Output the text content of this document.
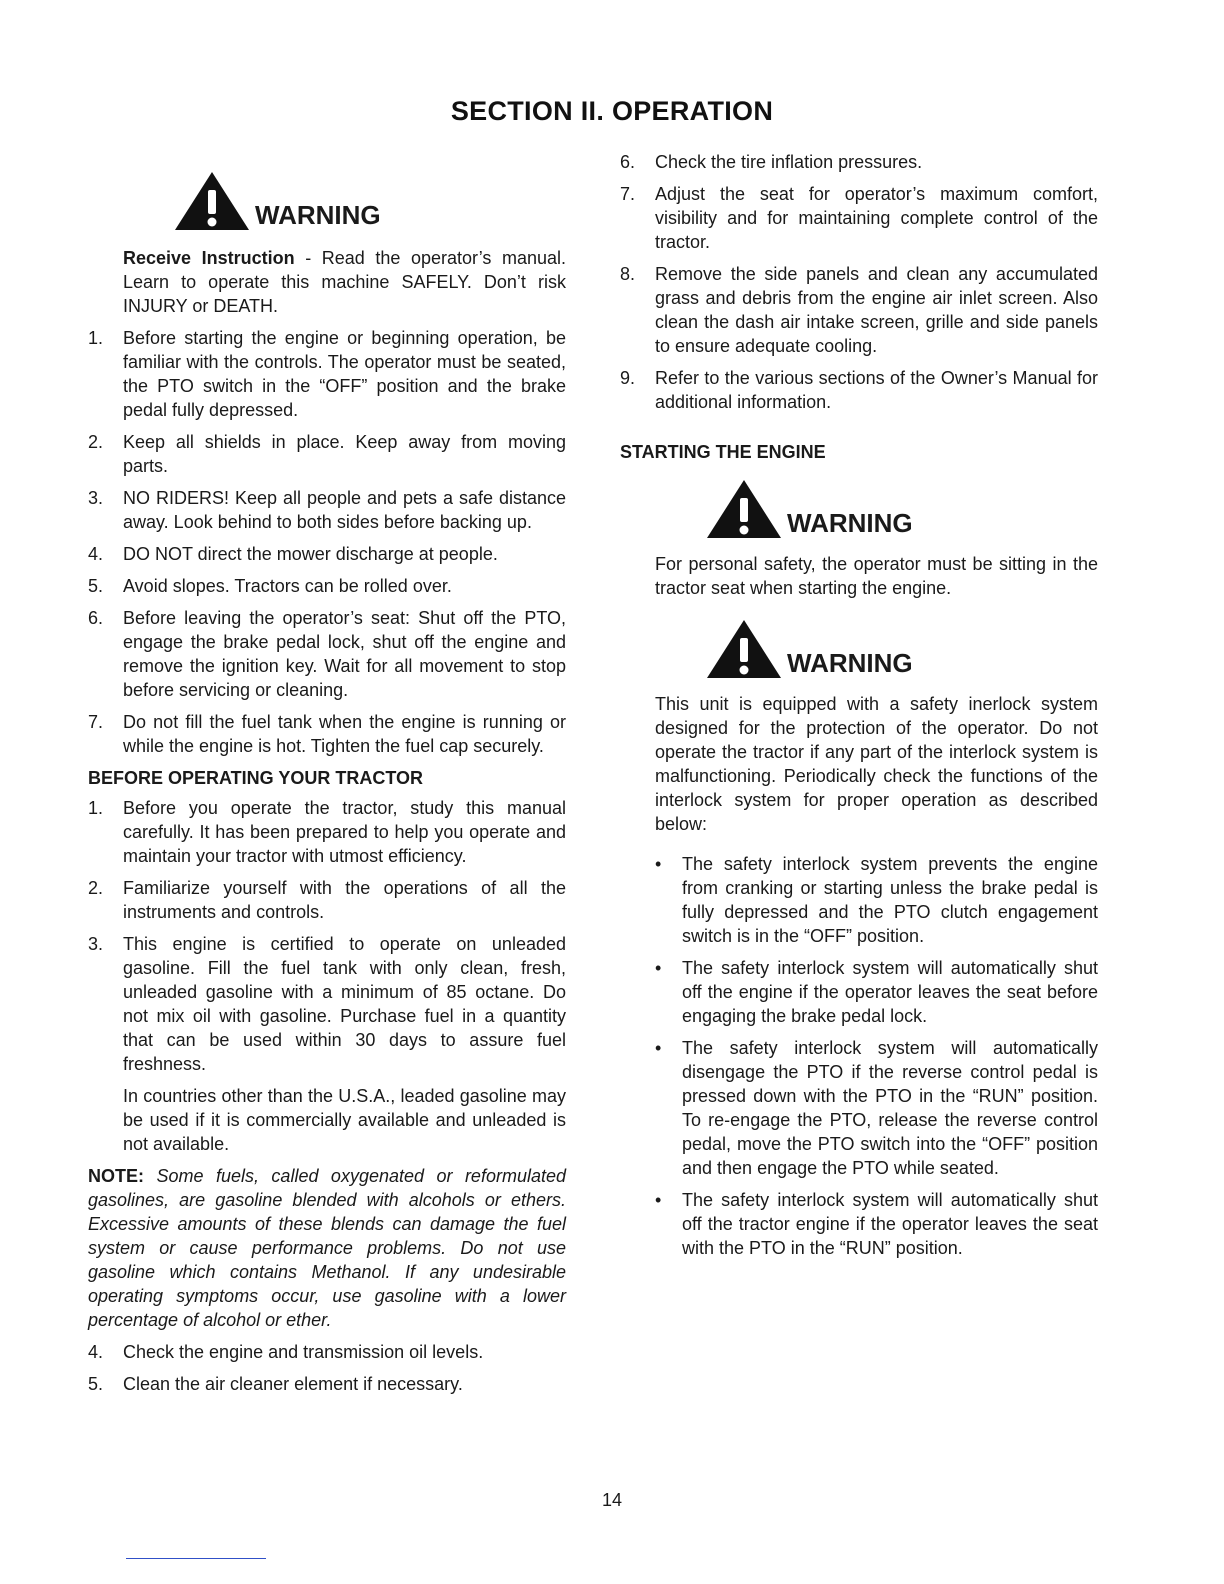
SECTION II. OPERATION
WARNING

Receive Instruction - Read the operator’s manual. Learn to operate this machine SAFELY. Don’t risk INJURY or DEATH.

1.	Before starting the engine or beginning operation, be familiar with the controls. The operator must be seated, the PTO switch in the “OFF” position and the brake pedal fully depressed.
2.	Keep all shields in place. Keep away from moving parts.
3.	NO RIDERS! Keep all people and pets a safe distance away. Look behind to both sides before backing up.
4.	DO NOT direct the mower discharge at people.
5.	Avoid slopes. Tractors can be rolled over.
6.	Before leaving the operator’s seat: Shut off the PTO, engage the brake pedal lock, shut off the engine and remove the ignition key. Wait for all movement to stop before servicing or cleaning.
7.	Do not fill the fuel tank when the engine is running or while the engine is hot. Tighten the fuel cap securely.
BEFORE OPERATING YOUR TRACTOR
1.	Before you operate the tractor, study this manual carefully. It has been prepared to help you operate and maintain your tractor with utmost efficiency.
2.	Familiarize yourself with the operations of all the instruments and controls.
3.	This engine is certified to operate on unleaded gasoline. Fill the fuel tank with only clean, fresh, unleaded gasoline with a minimum of 85 octane. Do not mix oil with gasoline. Purchase fuel in a quantity that can be used within 30 days to assure fuel freshness.

In countries other than the U.S.A., leaded gasoline may be used if it is commercially available and unleaded is not available.

NOTE: Some fuels, called oxygenated or reformulated gasolines, are gasoline blended with alcohols or ethers. Excessive amounts of these blends can damage the fuel system or cause performance problems. Do not use gasoline which contains Methanol. If any undesirable operating symptoms occur, use gasoline with a lower percentage of alcohol or ether.

4.	Check the engine and transmission oil levels.
5.	Clean the air cleaner element if necessary.
6.	Check the tire inflation pressures.
7.	Adjust the seat for operator’s maximum comfort, visibility and for maintaining complete control of the tractor.
8.	Remove the side panels and clean any accumulated grass and debris from the engine air inlet screen. Also clean the dash air intake screen, grille and side panels to ensure adequate cooling.
9.	Refer to the various sections of the Owner’s Manual for additional information.
STARTING THE ENGINE
WARNING

For personal safety, the operator must be sitting in the tractor seat when starting the engine.

WARNING

This unit is equipped with a safety inerlock system designed for the protection of the operator. Do not operate the tractor if any part of the interlock system is malfunctioning. Periodically check the functions of the interlock system for proper operation as described below:

•	The safety interlock system prevents the engine from cranking or starting unless the brake pedal is fully depressed and the PTO clutch engagement switch is in the “OFF” position.
•	The safety interlock system will automatically shut off the engine if the operator leaves the seat before engaging the brake pedal lock.
•	The safety interlock system will automatically disengage the PTO if the reverse control pedal is pressed down with the PTO in the “RUN” position. To re-engage the PTO, release the reverse control pedal, move the PTO switch into the “OFF” position and then engage the PTO while seated.
•	The safety interlock system will automatically shut off the tractor engine if the operator leaves the seat with the PTO in the “RUN” position.
14
